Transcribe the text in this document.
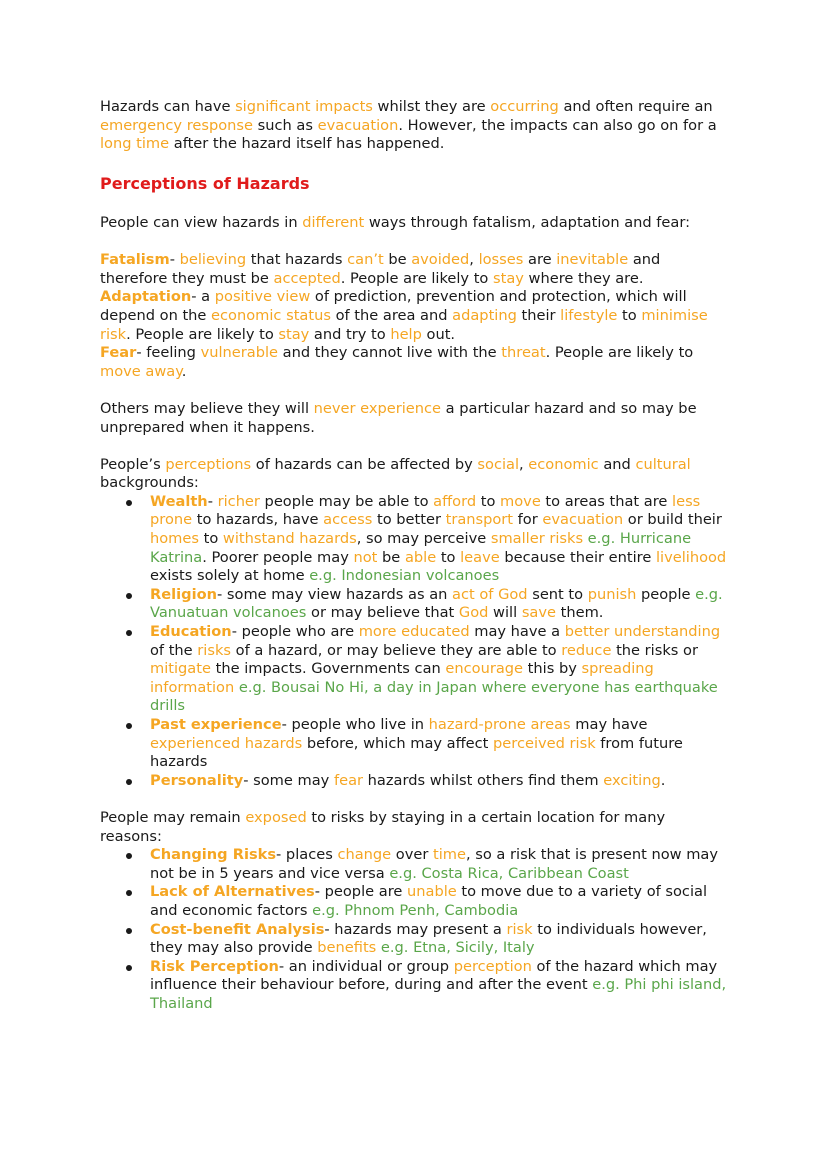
Hazards can have significant impacts whilst they are occurring and often require an emergency response such as evacuation. However, the impacts can also go on for a long time after the hazard itself has happened.

Perceptions of Hazards

People can view hazards in different ways through fatalism, adaptation and fear:

Fatalism- believing that hazards can’t be avoided, losses are inevitable and therefore they must be accepted. People are likely to stay where they are.

Adaptation- a positive view of prediction, prevention and protection, which will depend on the economic status of the area and adapting their lifestyle to minimise risk. People are likely to stay and try to help out.

Fear- feeling vulnerable and they cannot live with the threat. People are likely to move away.

Others may believe they will never experience a particular hazard and so may be unprepared when it happens.

People’s perceptions of hazards can be affected by social, economic and cultural backgrounds:

Wealth- richer people may be able to afford to move to areas that are less prone to hazards, have access to better transport for evacuation or build their homes to withstand hazards, so may perceive smaller risks e.g. Hurricane Katrina. Poorer people may not be able to leave because their entire livelihood exists solely at home e.g. Indonesian volcanoes
Religion- some may view hazards as an act of God sent to punish people e.g. Vanuatuan volcanoes or may believe that God will save them.
Education- people who are more educated may have a better understanding of the risks of a hazard, or may believe they are able to reduce the risks or mitigate the impacts. Governments can encourage this by spreading information e.g. Bousai No Hi, a day in Japan where everyone has earthquake drills
Past experience- people who live in hazard-prone areas may have experienced hazards before, which may affect perceived risk from future hazards
Personality- some may fear hazards whilst others find them exciting.

People may remain exposed to risks by staying in a certain location for many reasons:

Changing Risks- places change over time, so a risk that is present now may not be in 5 years and vice versa e.g. Costa Rica, Caribbean Coast
Lack of Alternatives- people are unable to move due to a variety of social and economic factors e.g. Phnom Penh, Cambodia
Cost-benefit Analysis- hazards may present a risk to individuals however, they may also provide benefits e.g. Etna, Sicily, Italy
Risk Perception- an individual or group perception of the hazard which may influence their behaviour before, during and after the event e.g. Phi phi island, Thailand
